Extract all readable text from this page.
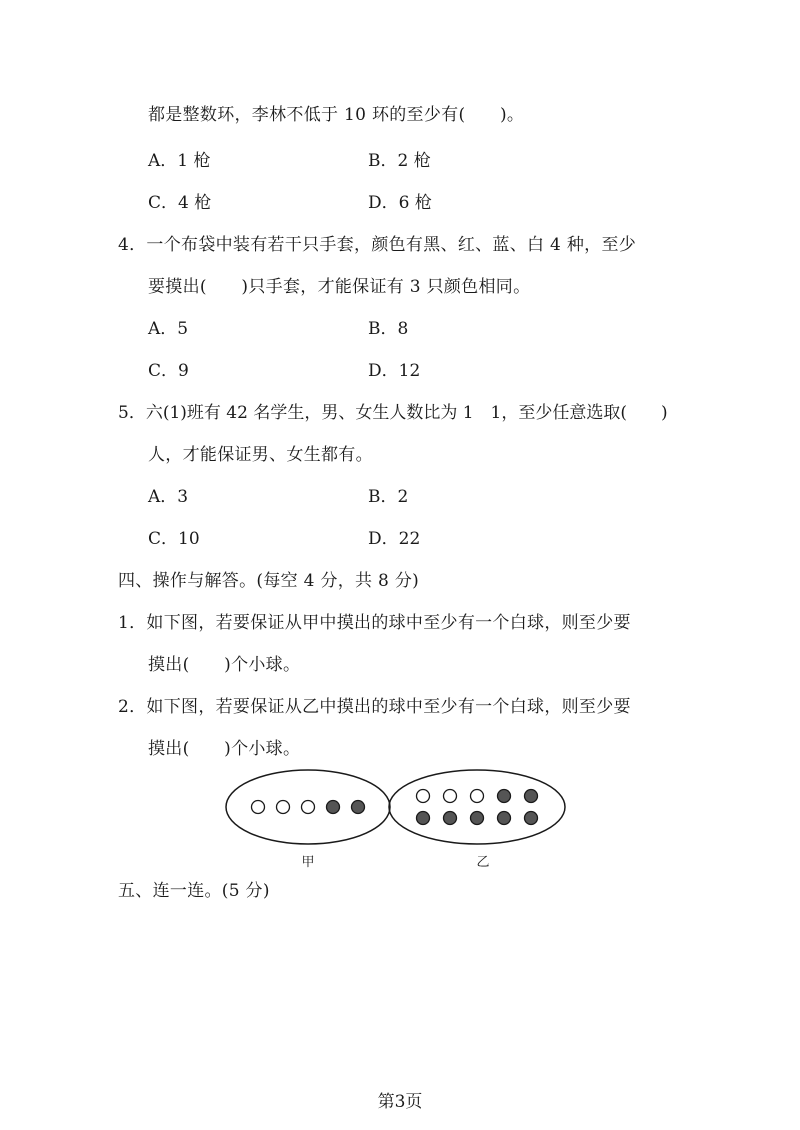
都是整数环，李林不低于 10 环的至少有(　　)。
A．1 枪	B．2 枪
C．4 枪	D．6 枪
4．一个布袋中装有若干只手套，颜色有黑、红、蓝、白 4 种，至少
要摸出(　　)只手套，才能保证有 3 只颜色相同。
A．5	B．8
C．9	D．12
5．六(1)班有 42 名学生，男、女生人数比为 1　1，至少任意选取(　　)
人，才能保证男、女生都有。
A．3	B．2
C．10	D．22
四、操作与解答。(每空 4 分，共 8 分)
1．如下图，若要保证从甲中摸出的球中至少有一个白球，则至少要
摸出(　　)个小球。
2．如下图，若要保证从乙中摸出的球中至少有一个白球，则至少要
摸出(　　)个小球。
甲	乙
五、连一连。(5 分)
第3页
